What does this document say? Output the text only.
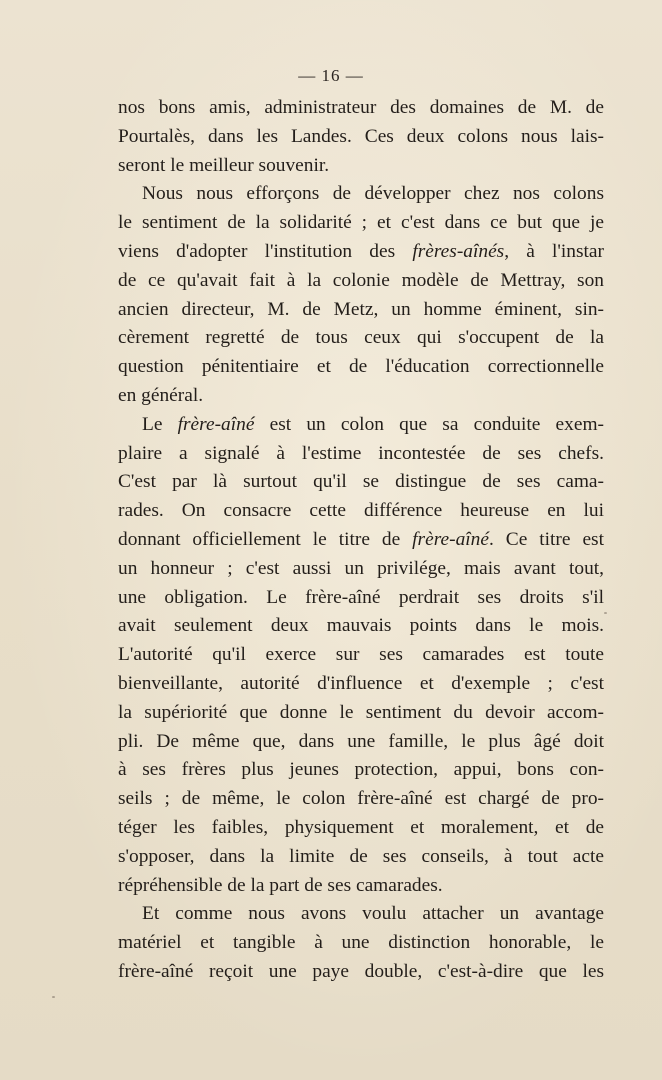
— 16 —
nos bons amis, administrateur des domaines de M. de
Pourtalès, dans les Landes. Ces deux colons nous lais-
seront le meilleur souvenir.
Nous nous efforçons de développer chez nos colons
le sentiment de la solidarité ; et c'est dans ce but que je
viens d'adopter l'institution des frères-aînés, à l'instar
de ce qu'avait fait à la colonie modèle de Mettray, son
ancien directeur, M. de Metz, un homme éminent, sin-
cèrement regretté de tous ceux qui s'occupent de la
question pénitentiaire et de l'éducation correctionnelle
en général.
Le frère-aîné est un colon que sa conduite exem-
plaire a signalé à l'estime incontestée de ses chefs.
C'est par là surtout qu'il se distingue de ses cama-
rades. On consacre cette différence heureuse en lui
donnant officiellement le titre de frère-aîné. Ce titre est
un honneur ; c'est aussi un privilége, mais avant tout,
une obligation. Le frère-aîné perdrait ses droits s'il
avait seulement deux mauvais points dans le mois.
L'autorité qu'il exerce sur ses camarades est toute
bienveillante, autorité d'influence et d'exemple ; c'est
la supériorité que donne le sentiment du devoir accom-
pli. De même que, dans une famille, le plus âgé doit
à ses frères plus jeunes protection, appui, bons con-
seils ; de même, le colon frère-aîné est chargé de pro-
téger les faibles, physiquement et moralement, et de
s'opposer, dans la limite de ses conseils, à tout acte
répréhensible de la part de ses camarades.
Et comme nous avons voulu attacher un avantage
matériel et tangible à une distinction honorable, le
frère-aîné reçoit une paye double, c'est-à-dire que les
